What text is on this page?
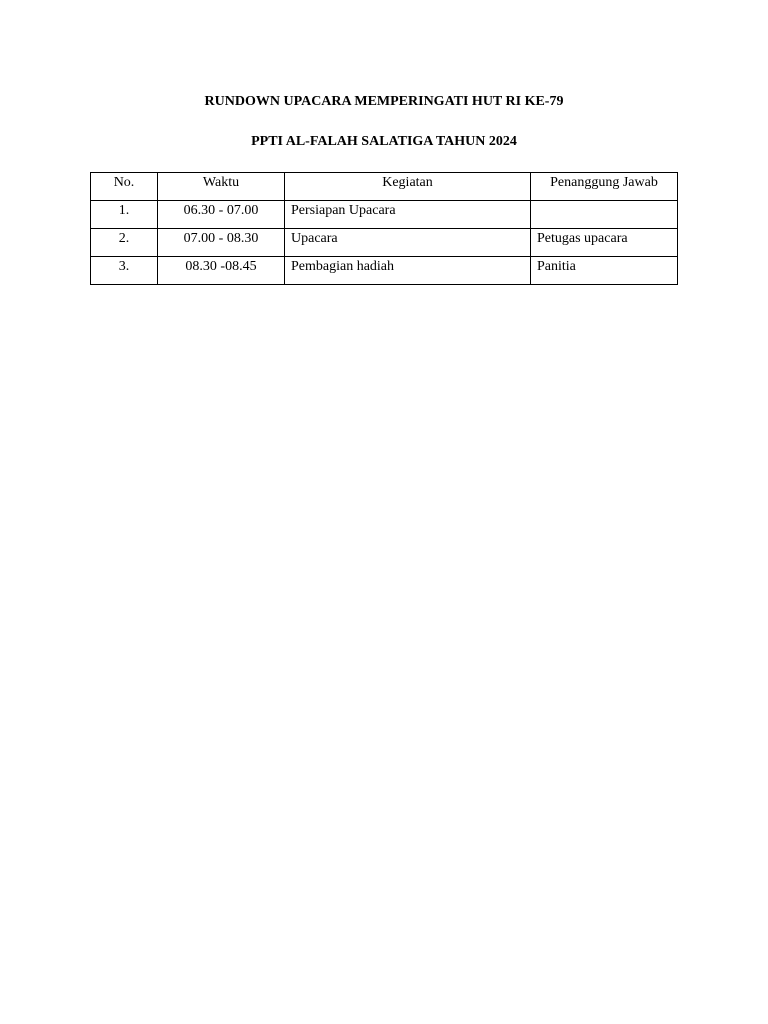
RUNDOWN UPACARA MEMPERINGATI HUT RI KE-79
PPTI AL-FALAH SALATIGA TAHUN 2024
No.	Waktu	Kegiatan	Penanggung Jawab
1.	06.30 - 07.00	Persiapan Upacara	
2.	07.00 - 08.30	Upacara	Petugas upacara
3.	08.30 -08.45	Pembagian hadiah	Panitia
